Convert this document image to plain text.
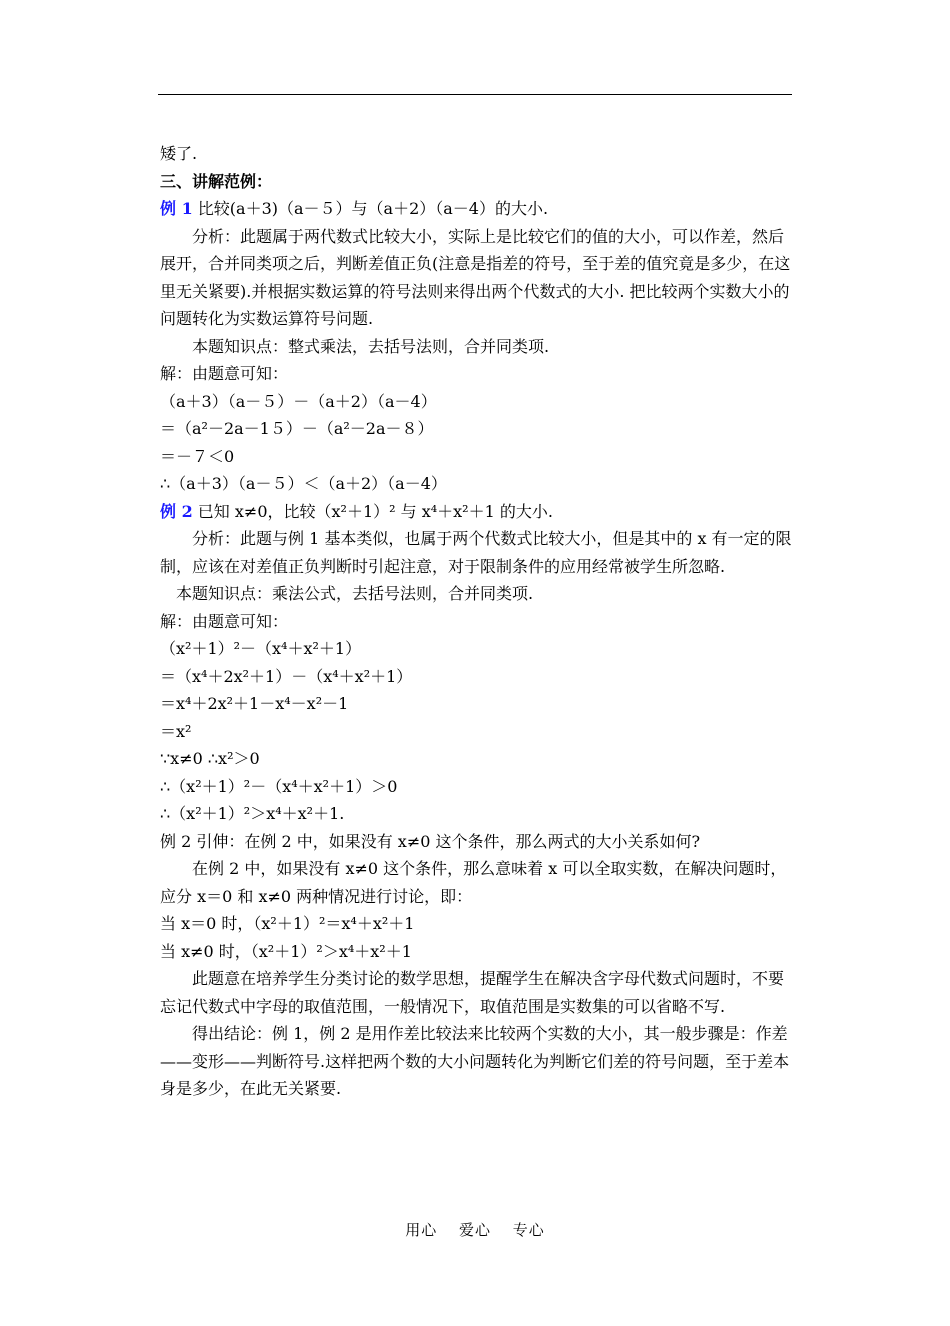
矮了.

三、讲解范例：

例 1 比较(a＋3)（a－５）与（a＋2）（a－4）的大小.

分析：此题属于两代数式比较大小，实际上是比较它们的值的大小，可以作差，然后展开，合并同类项之后，判断差值正负(注意是指差的符号，至于差的值究竟是多少，在这里无关紧要).并根据实数运算的符号法则来得出两个代数式的大小. 把比较两个实数大小的问题转化为实数运算符号问题.

本题知识点：整式乘法，去括号法则，合并同类项.

解：由题意可知：

（a＋3）（a－５）－（a＋2）（a－4）

＝（a²－2a－1５）－（a²－2a－８）

＝－７＜0

∴（a＋3）（a－５）＜（a＋2）（a－4）

例 2 已知 x≠0，比较（x²＋1）² 与 x⁴＋x²＋1 的大小.

分析：此题与例 1 基本类似，也属于两个代数式比较大小，但是其中的 x 有一定的限制，应该在对差值正负判断时引起注意，对于限制条件的应用经常被学生所忽略.

本题知识点：乘法公式，去括号法则，合并同类项.

解：由题意可知：

（x²＋1）²－（x⁴＋x²＋1）

＝（x⁴＋2x²＋1）－（x⁴＋x²＋1）

＝x⁴＋2x²＋1－x⁴－x²－1

＝x²

∵x≠0 ∴x²＞0

∴（x²＋1）²－（x⁴＋x²＋1）＞0

∴（x²＋1）²＞x⁴＋x²＋1.

例 2 引伸：在例 2 中，如果没有 x≠0 这个条件，那么两式的大小关系如何?

在例 2 中，如果没有 x≠0 这个条件，那么意味着 x 可以全取实数，在解决问题时，应分 x＝0 和 x≠0 两种情况进行讨论，即：

当 x＝0 时，（x²＋1）²＝x⁴＋x²＋1

当 x≠0 时，（x²＋1）²＞x⁴＋x²＋1

此题意在培养学生分类讨论的数学思想，提醒学生在解决含字母代数式问题时，不要忘记代数式中字母的取值范围，一般情况下，取值范围是实数集的可以省略不写.

得出结论：例 1，例 2 是用作差比较法来比较两个实数的大小，其一般步骤是：作差——变形——判断符号.这样把两个数的大小问题转化为判断它们差的符号问题，至于差本身是多少，在此无关紧要.

用心 爱心 专心
